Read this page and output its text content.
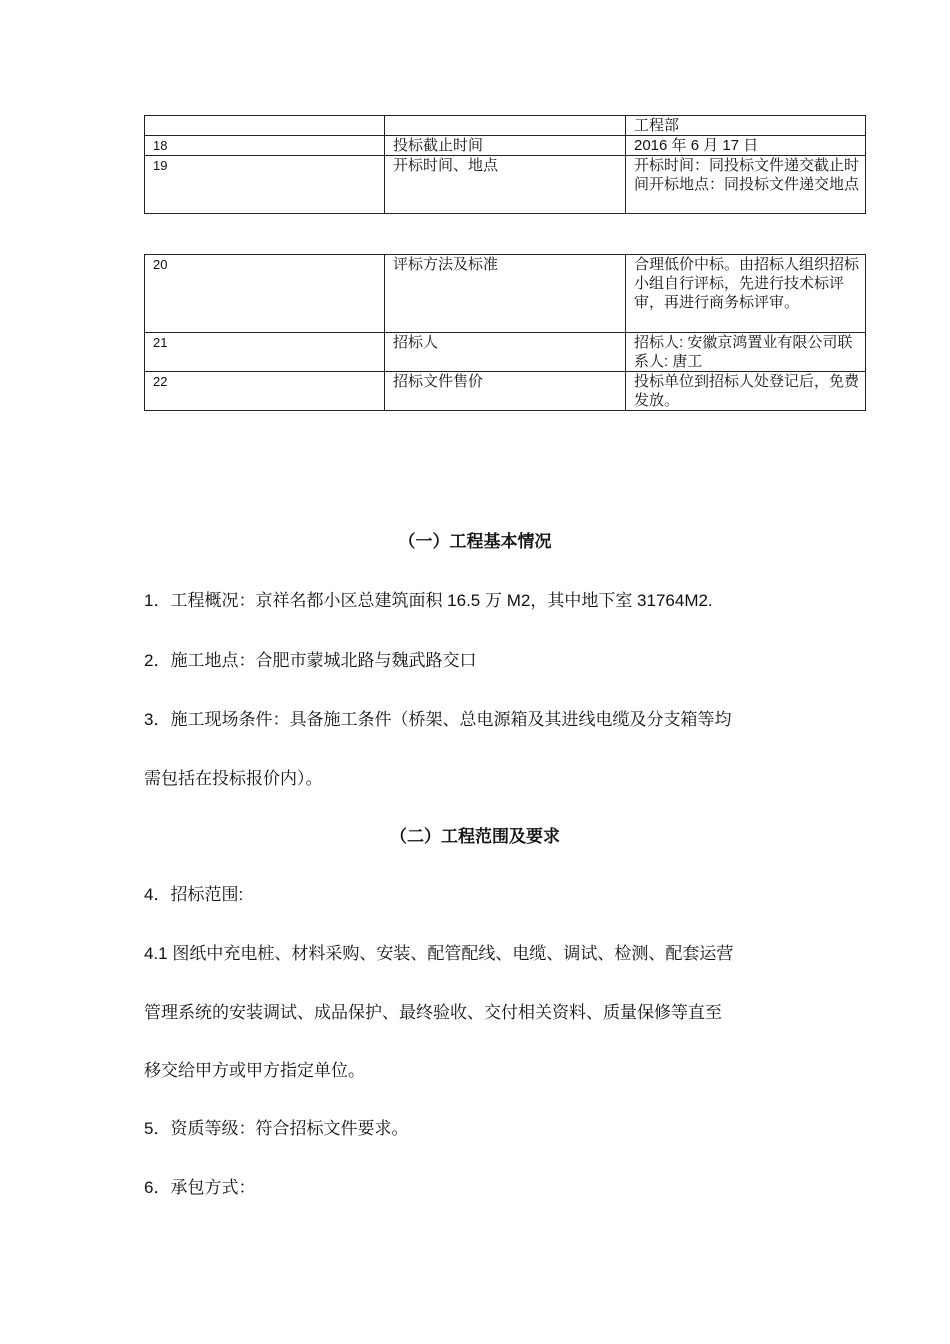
		工程部
18	投标截止时间	2016 年 6 月 17 日
19	开标时间、地点	开标时间：同投标文件递交截止时间开标地点：同投标文件递交地点
20	评标方法及标准	合理低价中标。由招标人组织招标小组自行评标，先进行技术标评审，再进行商务标评审。
21	招标人	招标人: 安徽京鸿置业有限公司联系人: 唐工
22	招标文件售价	投标单位到招标人处登记后，免费发放。
（一）工程基本情况
1．工程概况：京祥名都小区总建筑面积 16.5 万 M2，其中地下室 31764M2.
2．施工地点：合肥市蒙城北路与魏武路交口
3．施工现场条件：具备施工条件（桥架、总电源箱及其进线电缆及分支箱等均
需包括在投标报价内）。
（二）工程范围及要求
4．招标范围:
4.1 图纸中充电桩、材料采购、安装、配管配线、电缆、调试、检测、配套运营
管理系统的安装调试、成品保护、最终验收、交付相关资料、质量保修等直至
移交给甲方或甲方指定单位。
5．资质等级：符合招标文件要求。
6．承包方式：
